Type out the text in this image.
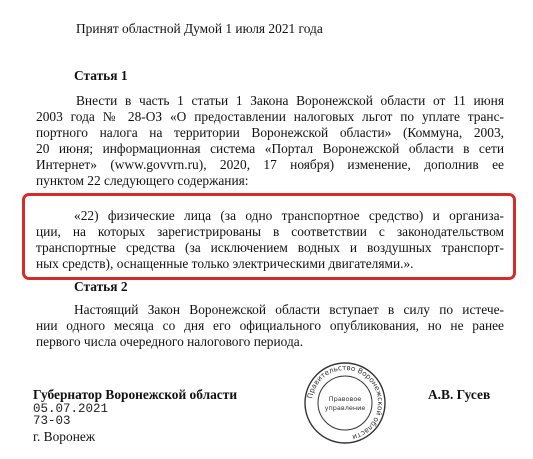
Принят областной Думой 1 июля 2021 года
Статья 1
Внести в часть 1 статьи 1 Закона Воронежской области от 11 июня
2003 года № 28-ОЗ «О предоставлении налоговых льгот по уплате транс-
портного налога на территории Воронежской области» (Коммуна, 2003,
20 июня; информационная система «Портал Воронежской области в сети
Интернет» (www.govvrn.ru), 2020, 17 ноября) изменение, дополнив ее
пунктом 22 следующего содержания:
«22) физические лица (за одно транспортное средство) и организа-
ции, на которых зарегистрированы в соответствии с законодательством
транспортные средства (за исключением водных и воздушных транспорт-
ных средств), оснащенные только электрическими двигателями.».
Статья 2
Настоящий Закон Воронежской области вступает в силу по истече-
нии одного месяца со дня его официального опубликования, но не ранее
первого числа очередного налогового периода.
Губернатор Воронежской области	А.В. Гусев
05.07.2021
73-03
г. Воронеж
Правительство Воронежской области
Правовое
управление
